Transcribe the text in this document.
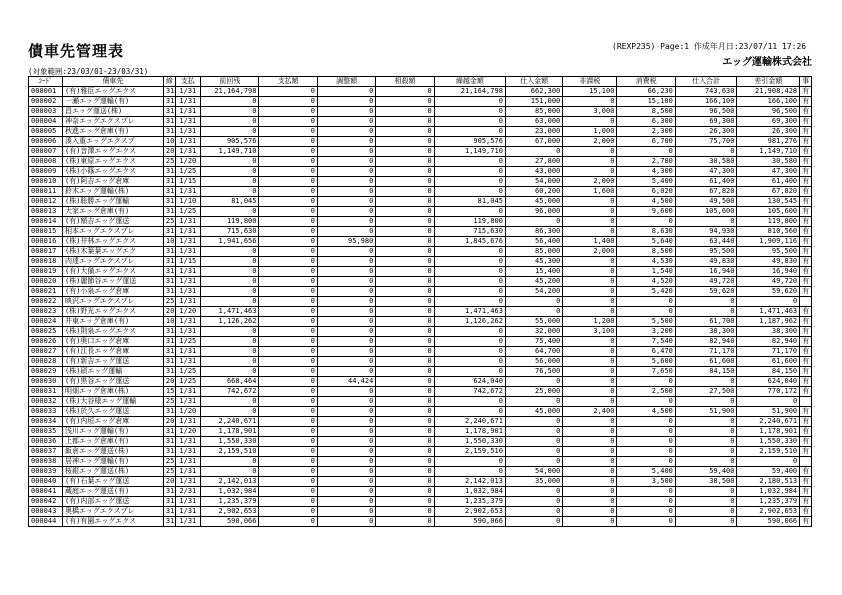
債車先管理表	(REXP235) Page:1 作成年月日:23/07/11 17:26
エッグ運輸株式会社
(対象範囲:23/03/01-23/03/31)
ｺｰﾄﾞ	債車先	締	支払	前回残	支払額	調整額	相殺額	繰越金額	仕入金額	非課税	消費税	仕入合計	差引金額	事
000001	(有)雅臣エッグエクス	31	1/31	21,164,798	0	0	0	21,164,798	662,300	15,100	66,230	743,630	21,908,428	有
000002	一瀬エッグ運輸(有)	31	1/31	0	0	0	0	0	151,000	0	15,100	166,100	166,100	有
000003	昌エッグ運送(株)	31	1/31	0	0	0	0	0	85,000	3,000	8,500	96,500	96,500	有
000004	神奈エッグエクスプレ	31	1/31	0	0	0	0	0	63,000	0	6,300	69,300	69,300	有
000005	秋進エッグ倉庫(有)	31	1/31	0	0	0	0	0	23,000	1,000	2,300	26,300	26,300	有
000006	湊入重エッグエクスプ	10	1/31	905,576	0	0	0	905,576	67,000	2,000	6,700	75,700	981,276	有
000007	(有)音澤エッグエクス	20	1/31	1,149,710	0	0	0	1,149,710	0	0	0	0	1,149,710	有
000008	(株)東原エッグエクス	25	1/20	0	0	0	0	0	27,800	0	2,780	30,580	30,580	有
000009	(株)小篠エッグエクス	31	1/25	0	0	0	0	0	43,000	0	4,300	47,300	47,300	有
000010	(有)阿吉エッグ倉庫	31	1/15	0	0	0	0	0	54,000	2,000	5,400	61,400	61,400	有
000011	鈴木エッグ運輸(株)	31	1/31	0	0	0	0	0	60,200	1,600	6,020	67,820	67,820	有
000012	(株)聡勝エッグ運輸	31	1/10	81,045	0	0	0	81,045	45,000	0	4,500	49,500	130,545	有
000013	大家エッグ倉庫(有)	31	1/25	0	0	0	0	0	96,000	0	9,600	105,600	105,600	有
000014	(有)額吉エッグ運送	25	1/31	119,800	0	0	0	119,800	0	0	0	0	119,800	有
000015	相本エッグエクスプレ	31	1/31	715,630	0	0	0	715,630	86,300	0	8,630	94,930	810,560	有
000016	(株)井林エッグエクス	10	1/31	1,941,656	0	95,980	0	1,845,676	56,400	1,400	5,640	63,440	1,909,116	有
000017	(株)木葉葉エッグエク	31	1/31	0	0	0	0	0	85,000	2,000	8,500	95,500	95,500	有
000018	内達エッグエクスプレ	31	1/15	0	0	0	0	0	45,300	0	4,530	49,830	49,830	有
000019	(有)大備エッグエクス	31	1/31	0	0	0	0	0	15,400	0	1,540	16,940	16,940	有
000020	(株)麗節谷エッグ運送	31	1/31	0	0	0	0	0	45,200	0	4,520	49,720	49,720	有
000021	(有)小泉エッグ倉庫	31	1/31	0	0	0	0	0	54,200	0	5,420	59,620	59,620	有
000022	映沢エッグエクスプレ	25	1/31	0	0	0	0	0	0	0	0	0	0	
000023	(株)野光エッグエクス	20	1/20	1,471,463	0	0	0	1,471,463	0	0	0	0	1,471,463	有
000024	井東エッグ倉庫(有)	10	1/31	1,126,262	0	0	0	1,126,262	55,000	1,200	5,500	61,700	1,187,962	有
000025	(株)則泉エッグエクス	31	1/31	0	0	0	0	0	32,000	3,100	3,200	38,300	38,300	有
000026	(有)奥口エッグ倉庫	31	1/25	0	0	0	0	0	75,400	0	7,540	82,940	82,940	有
000027	(有)江長エッグ倉庫	31	1/31	0	0	0	0	0	64,700	0	6,470	71,170	71,170	有
000028	(有)新吉エッグ運送	31	1/31	0	0	0	0	0	56,000	0	5,600	61,600	61,600	有
000029	(株)碩エッグ運輸	31	1/25	0	0	0	0	0	76,500	0	7,650	84,150	84,150	有
000030	(有)黒谷エッグ運送	20	1/25	668,464	0	44,424	0	624,040	0	0	0	0	624,040	有
000031	明畑エッグ倉庫(株)	15	1/31	742,672	0	0	0	742,672	25,000	0	2,500	27,500	770,172	有
000032	(株)大谷様エッグ運輸	25	1/31	0	0	0	0	0	0	0	0	0	0	
000033	(株)於久エッグ運送	31	1/20	0	0	0	0	0	45,000	2,400	4,500	51,900	51,900	有
000034	(有)内垣エッグ倉庫	20	1/31	2,240,671	0	0	0	2,240,671	0	0	0	0	2,240,671	有
000035	浅川エッグ運輸(有)	31	1/20	1,178,901	0	0	0	1,178,901	0	0	0	0	1,178,901	有
000036	上都エッグ倉庫(有)	31	1/31	1,550,330	0	0	0	1,550,330	0	0	0	0	1,550,330	有
000037	飯倉エッグ運送(株)	31	1/31	2,159,510	0	0	0	2,159,510	0	0	0	0	2,159,510	有
000038	居神エッグ運輸(有)	25	1/31	0	0	0	0	0	0	0	0	0	0	
000039	桜銀エッグ運送(株)	25	1/31	0	0	0	0	0	54,000	0	5,400	59,400	59,400	有
000040	(有)石葉エッグ運送	20	1/31	2,142,013	0	0	0	2,142,013	35,000	0	3,500	38,500	2,180,513	有
000041	蔵庭エッグ運送(有)	31	2/31	1,032,984	0	0	0	1,032,984	0	0	0	0	1,032,984	有
000042	(有)内部エッグ運送	31	1/31	1,235,379	0	0	0	1,235,379	0	0	0	0	1,235,379	有
000043	奥橋エッグエクスプレ	31	1/31	2,902,653	0	0	0	2,902,653	0	0	0	0	2,902,653	有
000044	(有)有園エッグエクス	31	1/31	590,066	0	0	0	590,066	0	0	0	0	590,066	有
